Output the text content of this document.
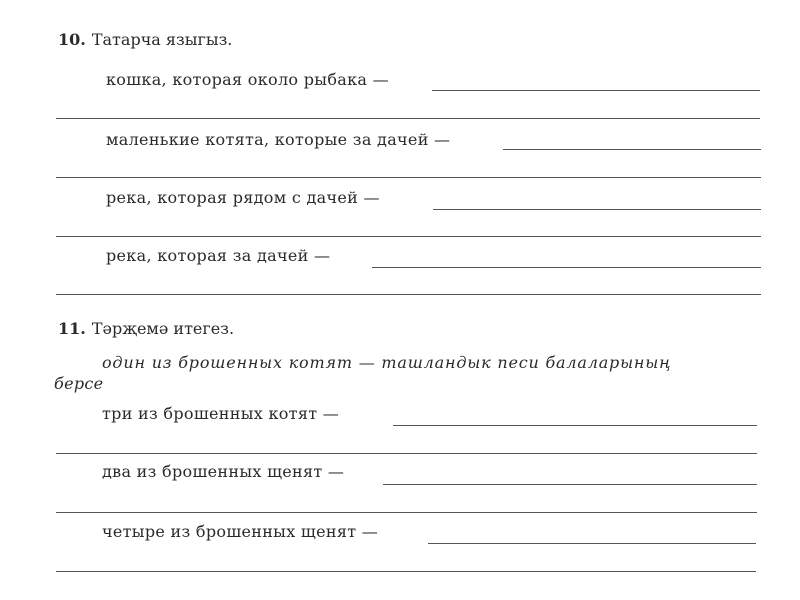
10. Татарча языгыз.
кошка, которая около рыбака —
маленькие котята, которые за дачей —
река, которая рядом с дачей —
река, которая за дачей —
11. Тәрҗемә итегез.
один из брошенных котят — ташландык песи балаларының
берсе
три из брошенных котят —
два из брошенных щенят —
четыре из брошенных щенят —
